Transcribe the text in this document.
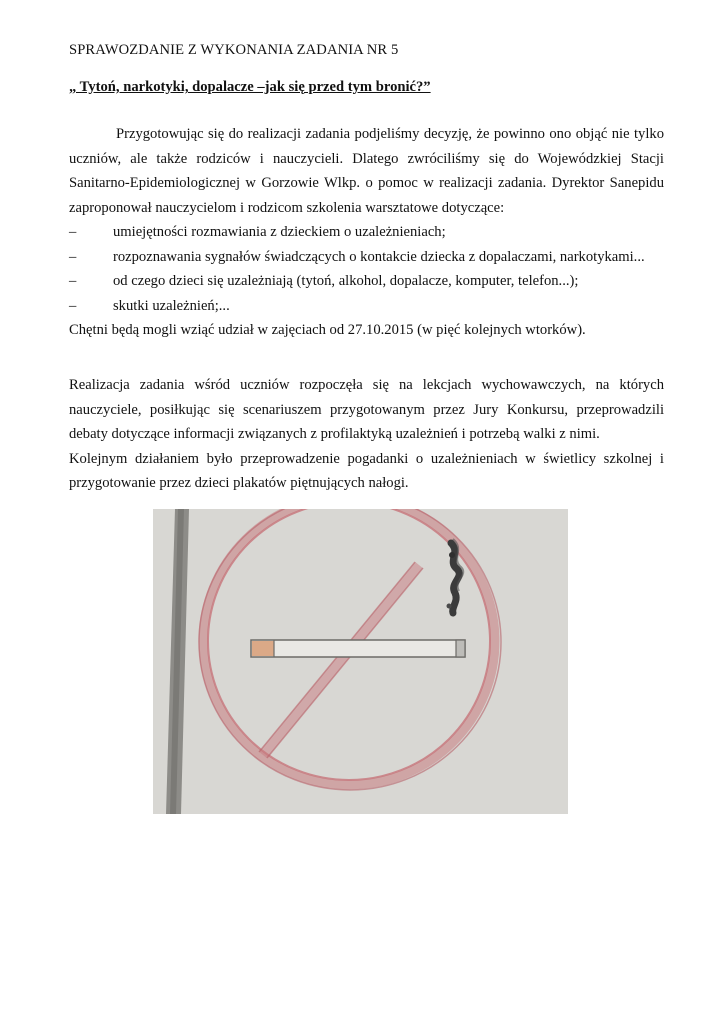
SPRAWOZDANIE Z WYKONANIA ZADANIA NR 5
„ Tytoń, narkotyki, dopalacze –jak się przed tym bronić?”

Przygotowując się do realizacji zadania podjeliśmy decyzję, że powinno ono objąć nie tylko uczniów, ale także rodziców i nauczycieli. Dlatego zwróciliśmy się do Wojewódzkiej Stacji Sanitarno-Epidemiologicznej w Gorzowie Wlkp. o pomoc w realizacji zadania. Dyrektor Sanepidu zaproponował nauczycielom i rodzicom szkolenia warsztatowe dotyczące:

–	umiejętności rozmawiania z dzieckiem o uzależnieniach;
–	rozpoznawania sygnałów świadczących o kontakcie dziecka z dopalaczami, narkotykami...
–	od czego dzieci się uzależniają (tytoń, alkohol, dopalacze, komputer, telefon...);
–	skutki uzależnień;...

Chętni będą mogli wziąć udział w zajęciach od 27.10.2015 (w pięć kolejnych wtorków).

Realizacja zadania wśród uczniów rozpoczęła się na lekcjach wychowawczych, na których nauczyciele, posiłkując się scenariuszem przygotowanym przez Jury Konkursu, przeprowadzili debaty dotyczące informacji związanych z profilaktyką uzależnień i potrzebą walki z nimi.

Kolejnym działaniem było przeprowadzenie pogadanki o uzależnieniach w świetlicy szkolnej i przygotowanie przez dzieci plakatów piętnujących nałogi.
